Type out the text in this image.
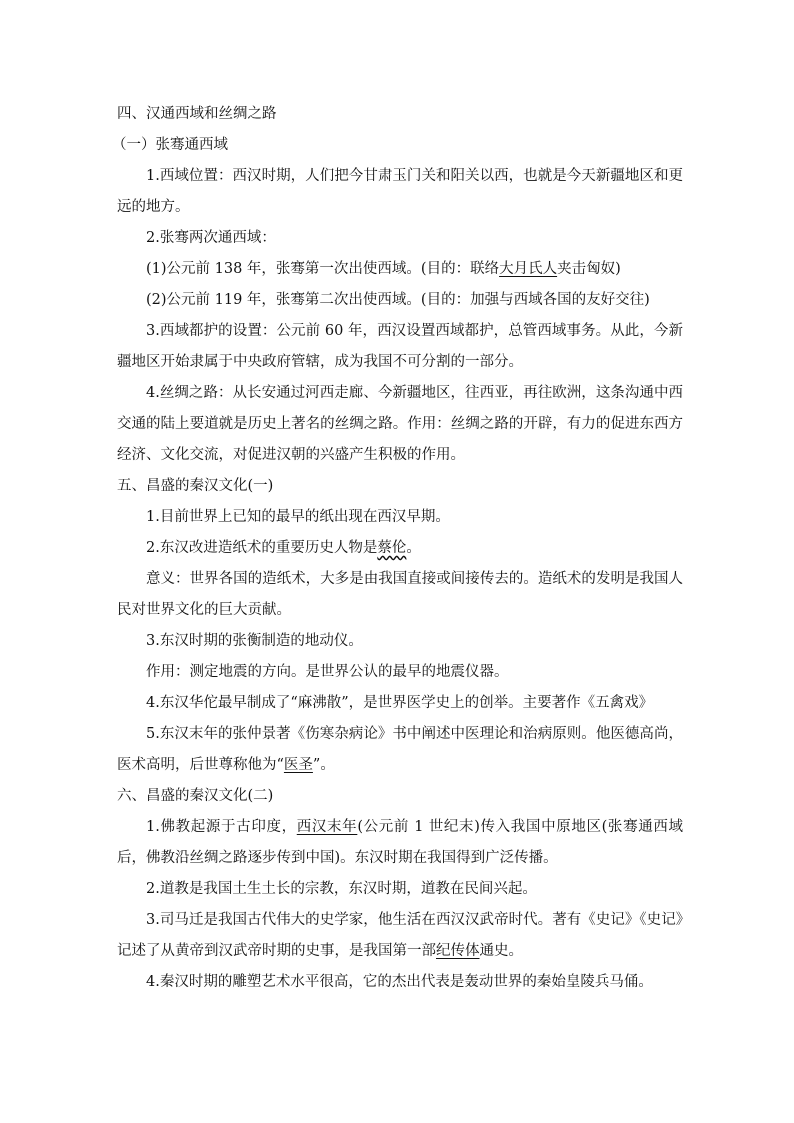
四、汉通西域和丝绸之路

（一）张骞通西域

1.西域位置：西汉时期，人们把今甘肃玉门关和阳关以西，也就是今天新疆地区和更远的地方。

2.张骞两次通西域：

(1)公元前 138 年，张骞第一次出使西域。(目的：联络大月氏人夹击匈奴)

(2)公元前 119 年，张骞第二次出使西域。(目的：加强与西域各国的友好交往)

3.西域都护的设置：公元前 60 年，西汉设置西域都护，总管西域事务。从此，今新疆地区开始隶属于中央政府管辖，成为我国不可分割的一部分。

4.丝绸之路：从长安通过河西走廊、今新疆地区，往西亚，再往欧洲，这条沟通中西交通的陆上要道就是历史上著名的丝绸之路。作用：丝绸之路的开辟，有力的促进东西方经济、文化交流，对促进汉朝的兴盛产生积极的作用。

五、昌盛的秦汉文化(一)

1.目前世界上已知的最早的纸出现在西汉早期。

2.东汉改进造纸术的重要历史人物是蔡伦。

意义：世界各国的造纸术，大多是由我国直接或间接传去的。造纸术的发明是我国人民对世界文化的巨大贡献。

3.东汉时期的张衡制造的地动仪。

作用：测定地震的方向。是世界公认的最早的地震仪器。

4.东汉华佗最早制成了“麻沸散”，是世界医学史上的创举。主要著作《五禽戏》

5.东汉末年的张仲景著《伤寒杂病论》书中阐述中医理论和治病原则。他医德高尚，医术高明，后世尊称他为“医圣”。

六、昌盛的秦汉文化(二)

1.佛教起源于古印度，西汉末年(公元前 1 世纪末)传入我国中原地区(张骞通西域后，佛教沿丝绸之路逐步传到中国)。东汉时期在我国得到广泛传播。

2.道教是我国土生土长的宗教，东汉时期，道教在民间兴起。

3.司马迁是我国古代伟大的史学家，他生活在西汉汉武帝时代。著有《史记》《史记》记述了从黄帝到汉武帝时期的史事，是我国第一部纪传体通史。

4.秦汉时期的雕塑艺术水平很高，它的杰出代表是轰动世界的秦始皇陵兵马俑。
